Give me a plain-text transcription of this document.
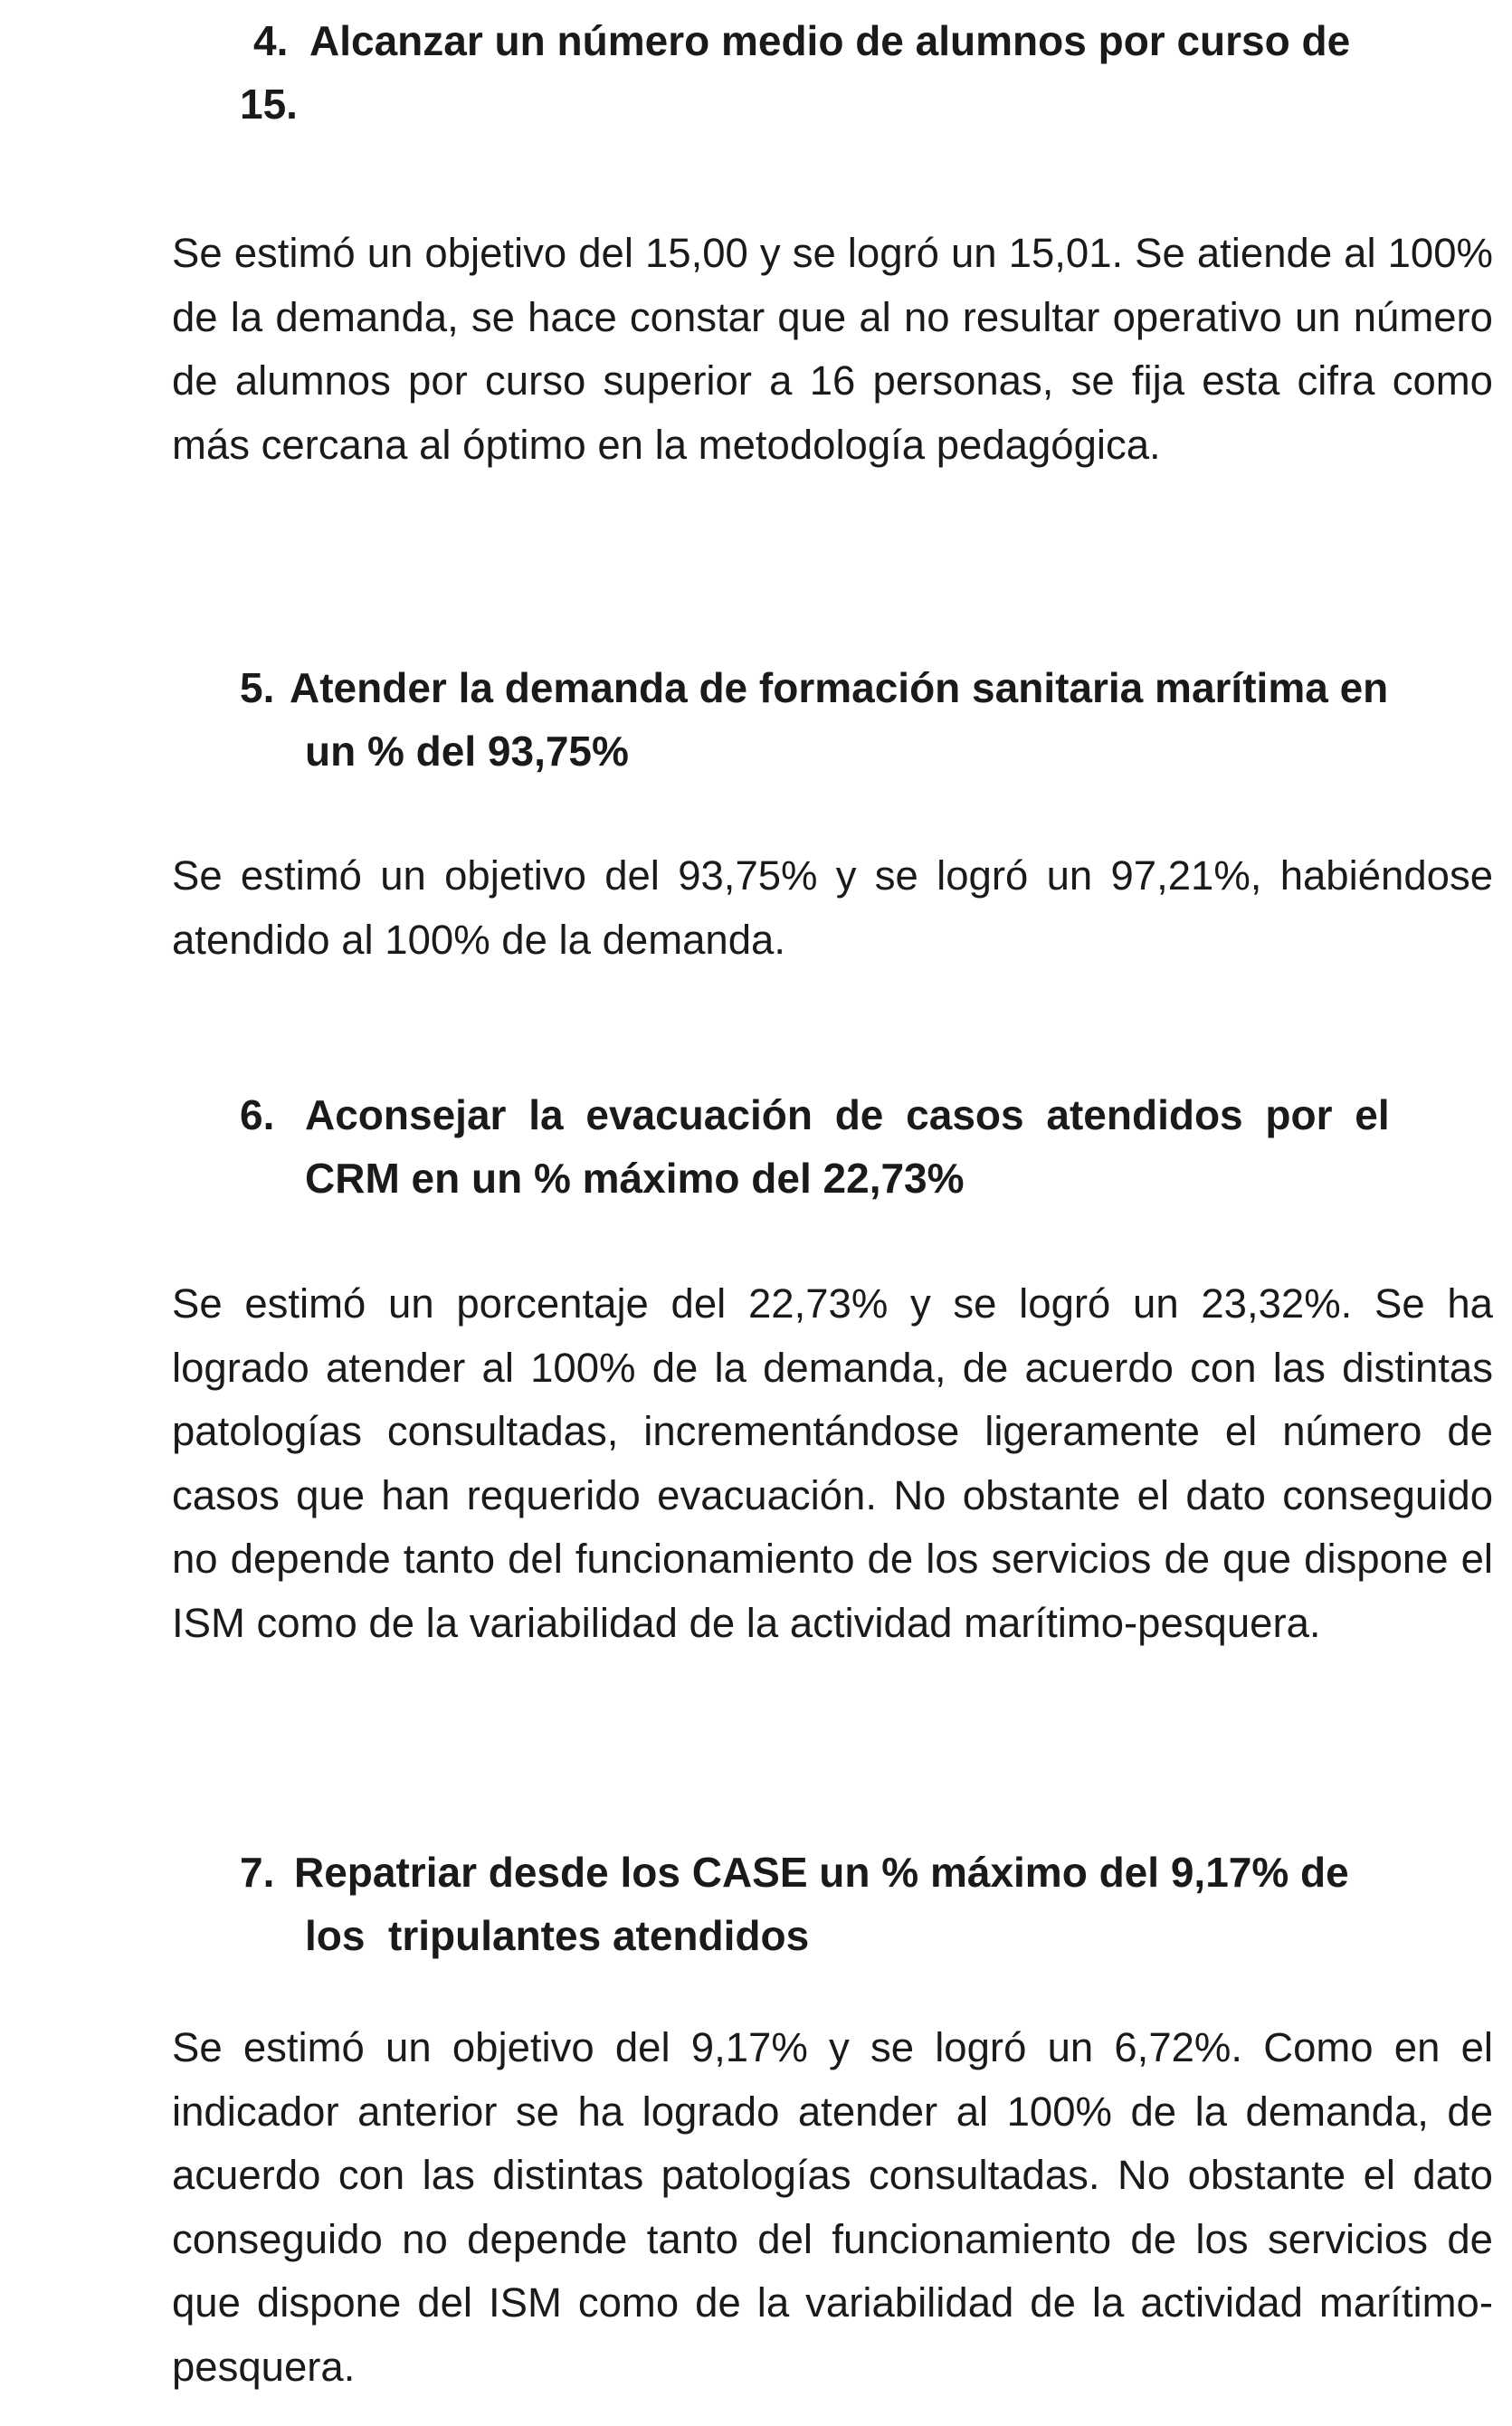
4. Alcanzar un número medio de alumnos por curso de
15.
Se estimó un objetivo del 15,00 y se logró un 15,01. Se atiende al 100% de la demanda, se hace constar que al no resultar operativo un número de alumnos por curso superior a 16 personas, se fija esta cifra como más cercana al óptimo en la metodología pedagógica.
5. Atender la demanda de formación sanitaria marítima en
un % del 93,75%
Se estimó un objetivo del 93,75% y se logró un 97,21%, habiéndose atendido al 100% de la demanda.
6. Aconsejar la evacuación de casos atendidos por el
CRM en un % máximo del 22,73%
Se estimó un porcentaje del 22,73% y se logró un 23,32%. Se ha logrado atender al 100% de la demanda, de acuerdo con las distintas patologías consultadas, incrementándose ligeramente el número de casos que han requerido evacuación. No obstante el dato conseguido no depende tanto del funcionamiento de los servicios de que dispone el ISM como de la variabilidad de la actividad marítimo-pesquera.
7. Repatriar desde los CASE un % máximo del 9,17% de
los  tripulantes atendidos
Se estimó un objetivo del 9,17% y se logró un 6,72%. Como en el indicador anterior se ha logrado atender al 100% de la demanda, de acuerdo con las distintas patologías consultadas. No obstante el dato conseguido no depende tanto del funcionamiento de los servicios de que dispone del ISM como de la variabilidad de la actividad marítimo-pesquera.
